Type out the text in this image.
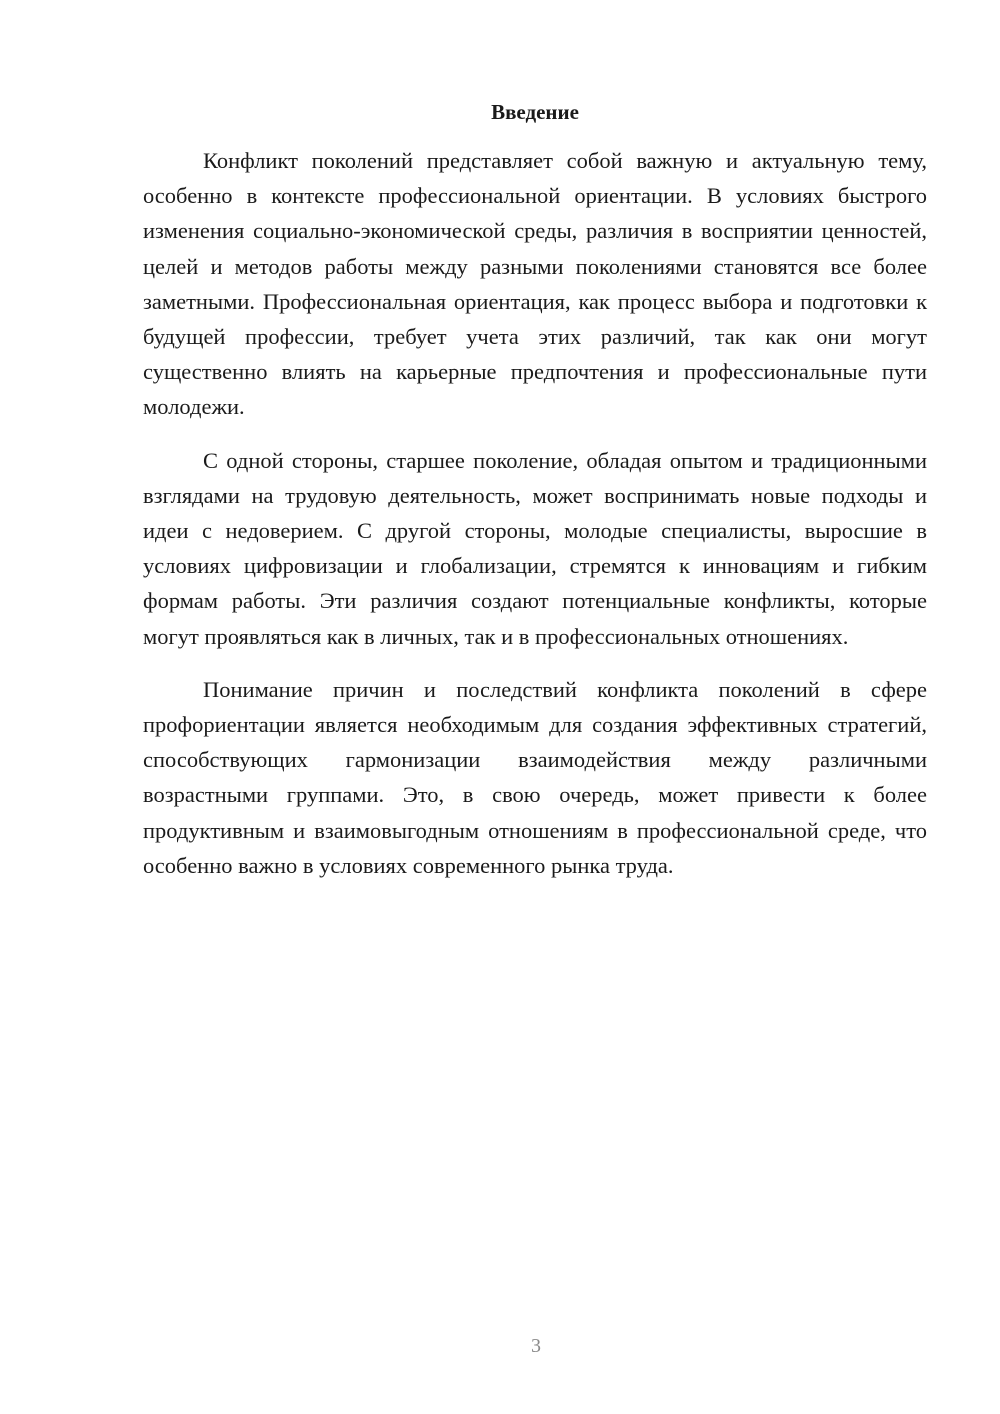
Введение

Конфликт поколений представляет собой важную и актуальную тему, особенно в контексте профессиональной ориентации. В условиях быстрого изменения социально-экономической среды, различия в восприятии ценностей, целей и методов работы между разными поколениями становятся все более заметными. Профессиональная ориентация, как процесс выбора и подготовки к будущей профессии, требует учета этих различий, так как они могут существенно влиять на карьерные предпочтения и профессиональные пути молодежи.

С одной стороны, старшее поколение, обладая опытом и традиционными взглядами на трудовую деятельность, может воспринимать новые подходы и идеи с недоверием. С другой стороны, молодые специалисты, выросшие в условиях цифровизации и глобализации, стремятся к инновациям и гибким формам работы. Эти различия создают потенциальные конфликты, которые могут проявляться как в личных, так и в профессиональных отношениях.

Понимание причин и последствий конфликта поколений в сфере профориентации является необходимым для создания эффективных стратегий, способствующих гармонизации взаимодействия между различными возрастными группами. Это, в свою очередь, может привести к более продуктивным и взаимовыгодным отношениям в профессиональной среде, что особенно важно в условиях современного рынка труда.

3
